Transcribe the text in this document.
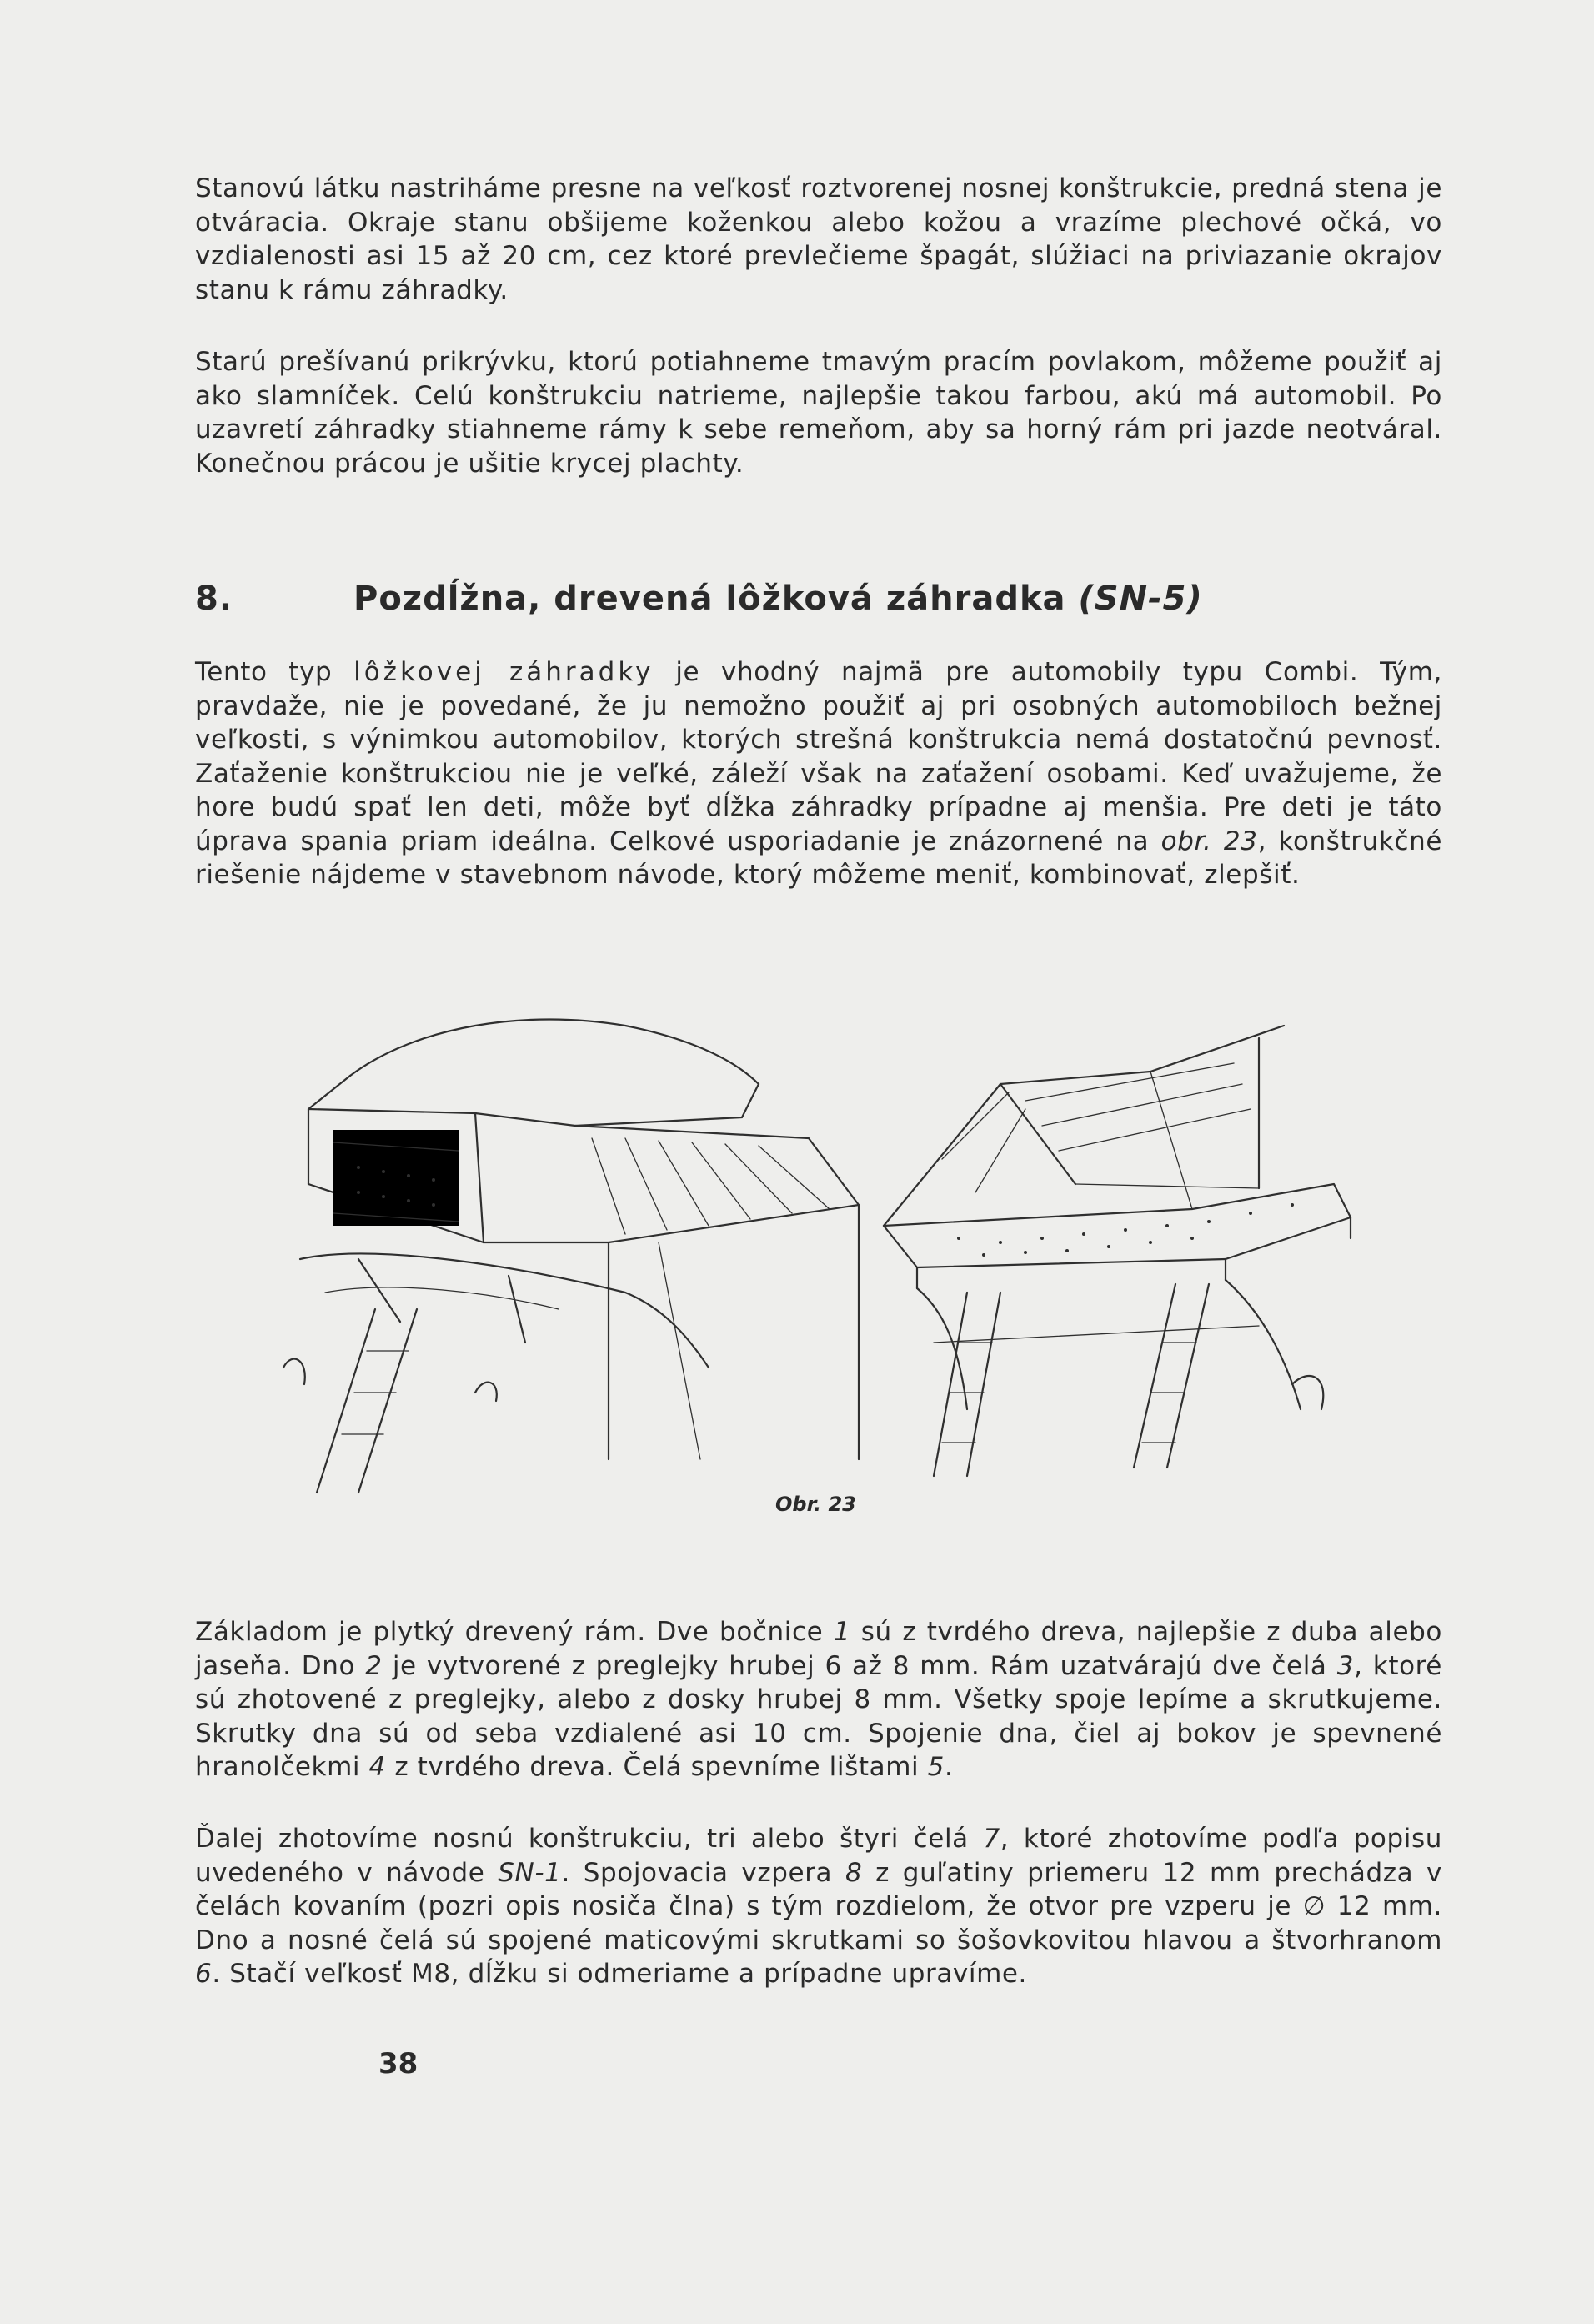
Stanovú látku nastriháme presne na veľkosť roztvorenej nosnej konštrukcie, predná stena je otváracia. Okraje stanu obšijeme koženkou alebo kožou a vrazíme plechové očká, vo vzdialenosti asi 15 až 20 cm, cez ktoré prevlečieme špagát, slúžiaci na priviazanie okrajov stanu k rámu záhradky.

Starú prešívanú prikrývku, ktorú potiahneme tmavým pracím povlakom, môžeme použiť aj ako slamníček. Celú konštrukciu natrieme, najlepšie takou farbou, akú má automobil. Po uzavretí záhradky stiahneme rámy k sebe remeňom, aby sa horný rám pri jazde neotváral. Konečnou prácou je ušitie krycej plachty.

8.	Pozdĺžna, drevená lôžková záhradka (SN-5)

Tento typ lôžkovej záhradky je vhodný najmä pre automobily typu Combi. Tým, pravdaže, nie je povedané, že ju nemožno použiť aj pri osobných automobiloch bežnej veľkosti, s výnimkou automobilov, ktorých strešná konštrukcia nemá dostatočnú pevnosť. Zaťaženie konštrukciou nie je veľké, záleží však na zaťažení osobami. Keď uvažujeme, že hore budú spať len deti, môže byť dĺžka záhradky prípadne aj menšia. Pre deti je táto úprava spania priam ideálna. Celkové usporiadanie je znázornené na obr. 23, konštrukčné riešenie nájdeme v stavebnom návode, ktorý môžeme meniť, kombinovať, zlepšiť.

Obr. 23

Základom je plytký drevený rám. Dve bočnice 1 sú z tvrdého dreva, najlepšie z duba alebo jaseňa. Dno 2 je vytvorené z preglejky hrubej 6 až 8 mm. Rám uzatvárajú dve čelá 3, ktoré sú zhotovené z preglejky, alebo z dosky hrubej 8 mm. Všetky spoje lepíme a skrutkujeme. Skrutky dna sú od seba vzdialené asi 10 cm. Spojenie dna, čiel aj bokov je spevnené hranolčekmi 4 z tvrdého dreva. Čelá spevníme lištami 5.

Ďalej zhotovíme nosnú konštrukciu, tri alebo štyri čelá 7, ktoré zhotovíme podľa popisu uvedeného v návode SN-1. Spojovacia vzpera 8 z guľatiny priemeru 12 mm prechádza v čelách kovaním (pozri opis nosiča člna) s tým rozdielom, že otvor pre vzperu je ∅ 12 mm. Dno a nosné čelá sú spojené maticovými skrutkami so šošovkovitou hlavou a štvorhranom 6. Stačí veľkosť M8, dĺžku si odmeriame a prípadne upravíme.

38
